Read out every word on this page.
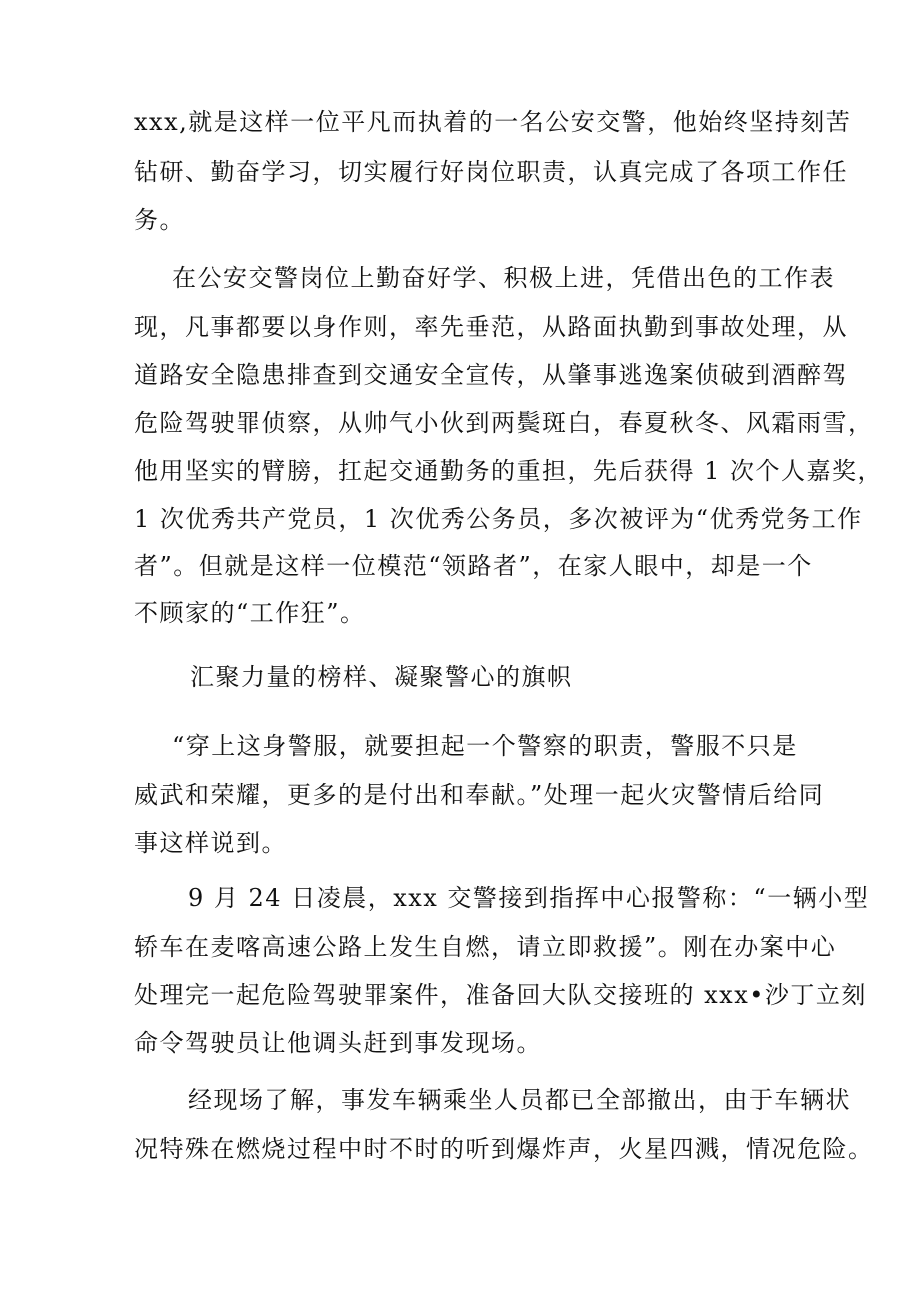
xxx,就是这样一位平凡而执着的一名公安交警，他始终坚持刻苦
钻研、勤奋学习，切实履行好岗位职责，认真完成了各项工作任
务。
在公安交警岗位上勤奋好学、积极上进，凭借出色的工作表
现，凡事都要以身作则，率先垂范，从路面执勤到事故处理，从
道路安全隐患排查到交通安全宣传，从肇事逃逸案侦破到酒醉驾
危险驾驶罪侦察，从帅气小伙到两鬓斑白，春夏秋冬、风霜雨雪，
他用坚实的臂膀，扛起交通勤务的重担，先后获得 1 次个人嘉奖，
1 次优秀共产党员，1 次优秀公务员，多次被评为“优秀党务工作
者”。但就是这样一位模范“领路者”，在家人眼中，却是一个
不顾家的“工作狂”。
汇聚力量的榜样、凝聚警心的旗帜
“穿上这身警服，就要担起一个警察的职责，警服不只是
威武和荣耀，更多的是付出和奉献。”处理一起火灾警情后给同
事这样说到。
9 月 24 日凌晨，xxx 交警接到指挥中心报警称：“一辆小型
轿车在麦喀高速公路上发生自燃，请立即救援”。刚在办案中心
处理完一起危险驾驶罪案件，准备回大队交接班的 xxx•沙丁立刻
命令驾驶员让他调头赶到事发现场。
经现场了解，事发车辆乘坐人员都已全部撤出，由于车辆状
况特殊在燃烧过程中时不时的听到爆炸声，火星四溅，情况危险。
